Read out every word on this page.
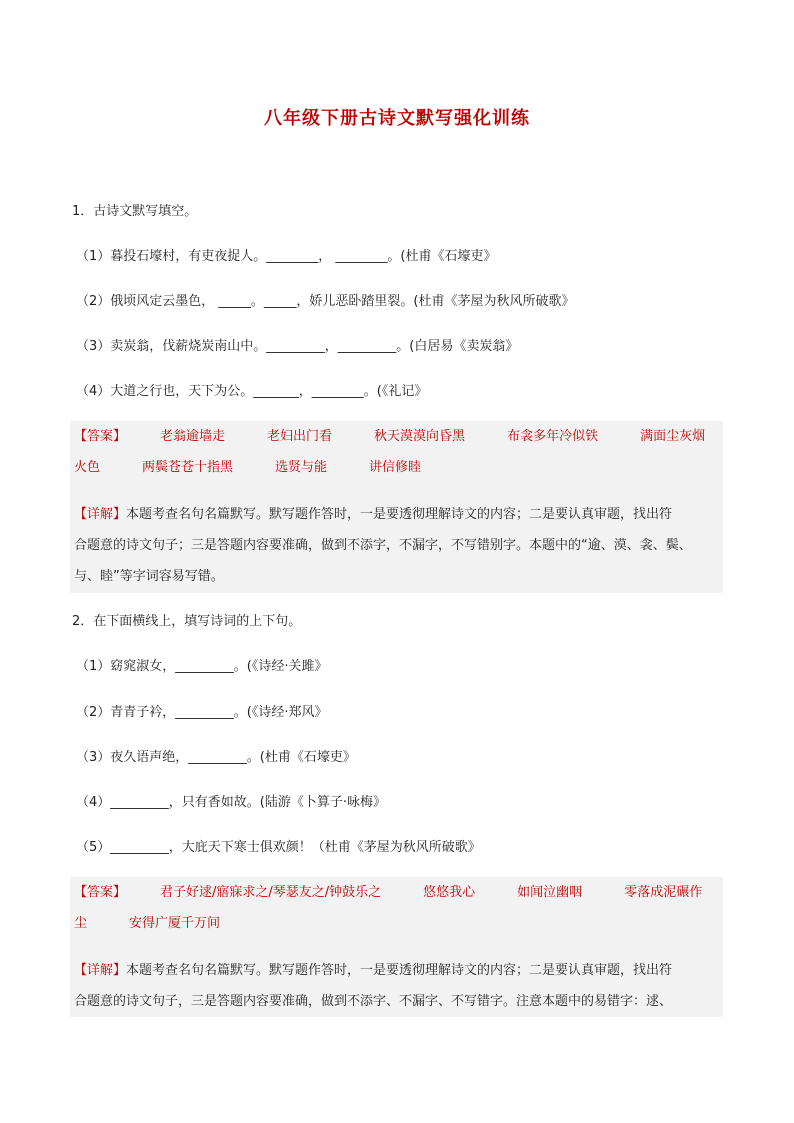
八年级下册古诗文默写强化训练
1．古诗文默写填空。
（1）暮投石壕村，有吏夜捉人。________， ________。(杜甫《石壕吏》
（2）俄顷风定云墨色， _____。_____，娇儿恶卧踏里裂。(杜甫《茅屋为秋风所破歌》
（3）卖炭翁，伐薪烧炭南山中。_________，_________。(白居易《卖炭翁》
（4）大道之行也，天下为公。_______，________。(《礼记》
【答案】	老翁逾墙走	老妇出门看	秋天漠漠向昏黑	布衾多年冷似铁	满面尘灰烟
火色	两鬓苍苍十指黑	选贤与能	讲信修睦
【详解】本题考查名句名篇默写。默写题作答时，一是要透彻理解诗文的内容；二是要认真审题，找出符
合题意的诗文句子；三是答题内容要准确，做到不添字，不漏字，不写错别字。本题中的“逾、漠、衾、鬓、
与、睦”等字词容易写错。
2．在下面横线上，填写诗词的上下句。
（1）窈窕淑女，_________。(《诗经·关雎》
（2）青青子衿，_________。(《诗经·郑风》
（3）夜久语声绝，_________。(杜甫《石壕吏》
（4）_________，只有香如故。(陆游《卜算子·咏梅》
（5）_________，大庇天下寒士俱欢颜！（杜甫《茅屋为秋风所破歌》
【答案】	君子好逑/寤寐求之/琴瑟友之/钟鼓乐之	悠悠我心	如闻泣幽咽	零落成泥碾作
尘	安得广厦千万间
【详解】本题考查名句名篇默写。默写题作答时，一是要透彻理解诗文的内容；二是要认真审题，找出符
合题意的诗文句子，三是答题内容要准确，做到不添字、不漏字、不写错字。注意本题中的易错字：逑、
